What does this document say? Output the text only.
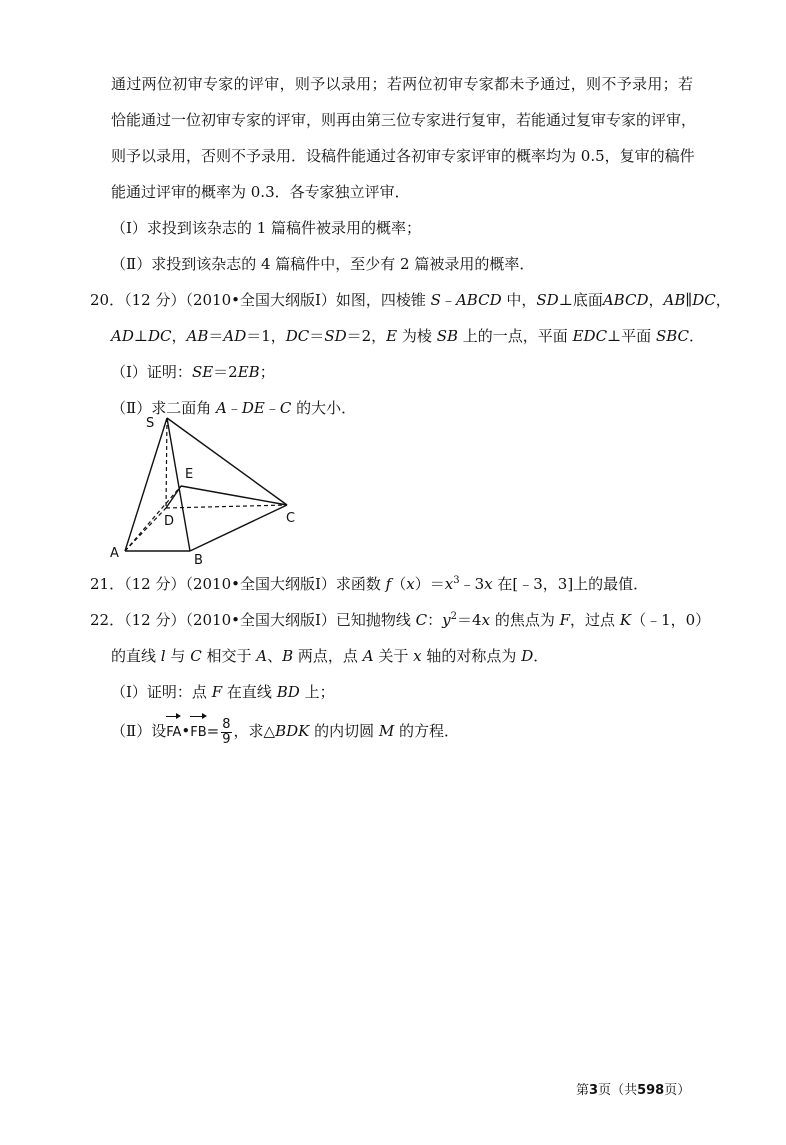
通过两位初审专家的评审，则予以录用；若两位初审专家都未予通过，则不予录用；若
恰能通过一位初审专家的评审，则再由第三位专家进行复审，若能通过复审专家的评审，
则予以录用，否则不予录用．设稿件能通过各初审专家评审的概率均为 0.5，复审的稿件
能通过评审的概率为 0.3．各专家独立评审．
（Ⅰ）求投到该杂志的 1 篇稿件被录用的概率；
（Ⅱ）求投到该杂志的 4 篇稿件中，至少有 2 篇被录用的概率．
20．（12 分）（2010•全国大纲版Ⅰ）如图，四棱锥 S﹣ABCD 中，SD⊥底面ABCD，AB∥DC，
AD⊥DC，AB＝AD＝1，DC＝SD＝2，E 为棱 SB 上的一点，平面 EDC⊥平面 SBC．
（Ⅰ）证明：SE＝2EB；
（Ⅱ）求二面角 A﹣DE﹣C 的大小．
S
E
D	C
A	B
21．（12 分）（2010•全国大纲版Ⅰ）求函数 $f(x)=x^3﹣3x$ 在[﹣3，3]上的最值．
22．（12 分）（2010•全国大纲版Ⅰ）已知抛物线 C：$y^2=4x$ 的焦点为 F，过点 K（﹣1，0）
的直线 l 与 C 相交于 A、B 两点，点 A 关于 x 轴的对称点为 D．
（Ⅰ）证明：点 F 在直线 BD 上；
（Ⅱ）设FA•FB= $\frac{8}{9}$ ，求△BDK 的内切圆 M 的方程．
第3页（共598页）
